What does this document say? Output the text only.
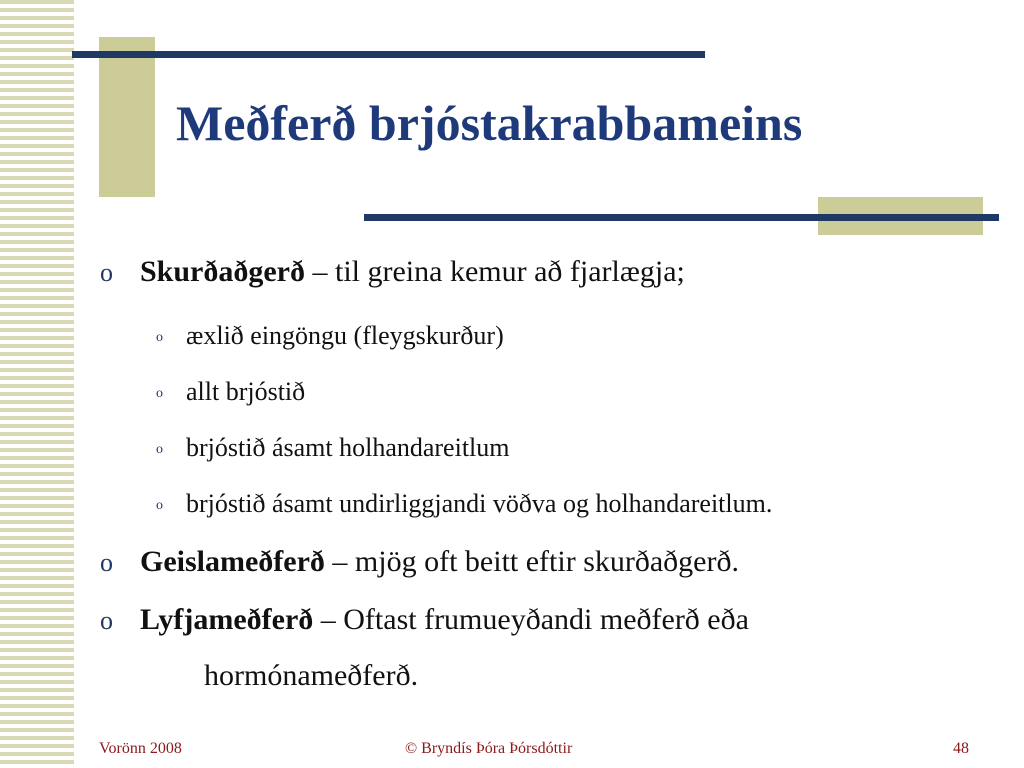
Meðferð brjóstakrabbameins
o Skurðaðgerð – til greina kemur að fjarlægja;
o æxlið eingöngu (fleygskurður)
o allt brjóstið
o brjóstið ásamt holhandareitlum
o brjóstið ásamt undirliggjandi vöðva og holhandareitlum.
o Geislameðferð – mjög oft beitt eftir skurðaðgerð.
o Lyfjameðferð – Oftast frumueyðandi meðferð eða
hormónameðferð.
Vorönn 2008	© Bryndís Þóra Þórsdóttir	48
